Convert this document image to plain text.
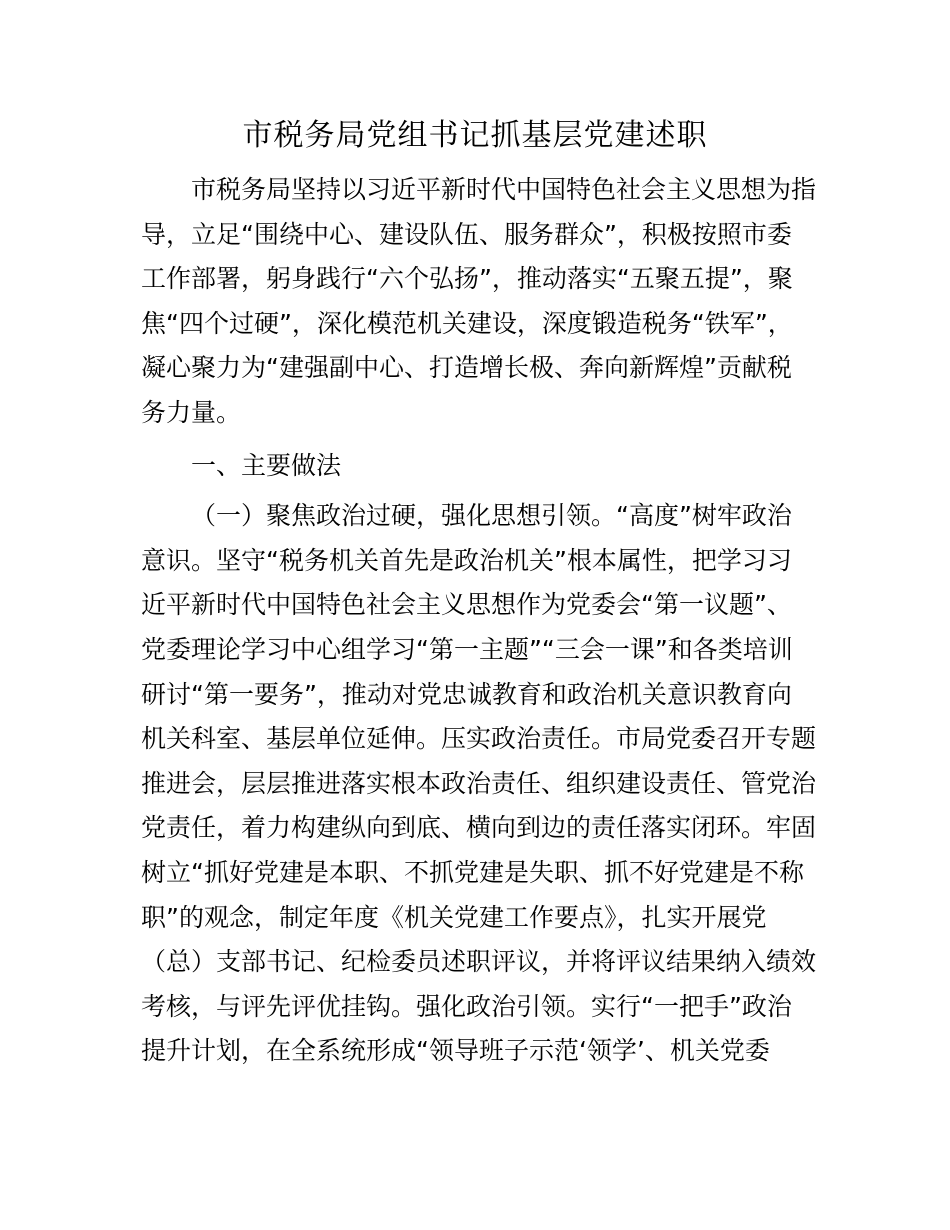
市税务局党组书记抓基层党建述职
市税务局坚持以习近平新时代中国特色社会主义思想为指
导，立足“围绕中心、建设队伍、服务群众”，积极按照市委
工作部署，躬身践行“六个弘扬”，推动落实“五聚五提”，聚
焦“四个过硬”，深化模范机关建设，深度锻造税务“铁军”，
凝心聚力为“建强副中心、打造增长极、奔向新辉煌”贡献税
务力量。
一、主要做法
（一）聚焦政治过硬，强化思想引领。“高度”树牢政治
意识。坚守“税务机关首先是政治机关”根本属性，把学习习
近平新时代中国特色社会主义思想作为党委会“第一议题”、
党委理论学习中心组学习“第一主题”“三会一课”和各类培训
研讨“第一要务”，推动对党忠诚教育和政治机关意识教育向
机关科室、基层单位延伸。压实政治责任。市局党委召开专题
推进会，层层推进落实根本政治责任、组织建设责任、管党治
党责任，着力构建纵向到底、横向到边的责任落实闭环。牢固
树立“抓好党建是本职、不抓党建是失职、抓不好党建是不称
职”的观念，制定年度《机关党建工作要点》，扎实开展党
（总）支部书记、纪检委员述职评议，并将评议结果纳入绩效
考核，与评先评优挂钩。强化政治引领。实行“一把手”政治
提升计划，在全系统形成“领导班子示范‘领学’、机关党委
